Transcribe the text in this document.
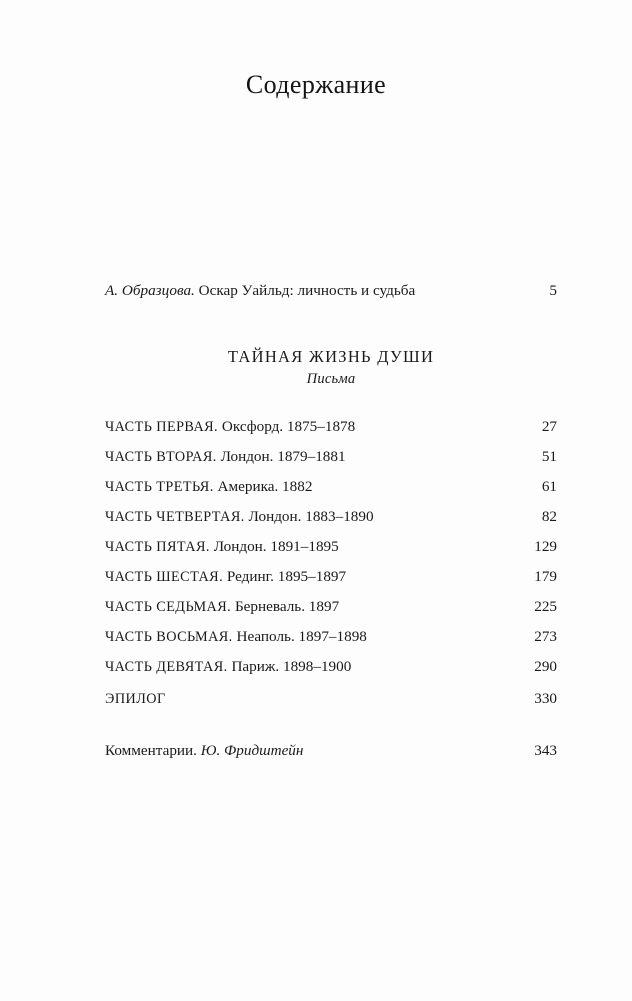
Содержание
А. Образцова. Оскар Уайльд: личность и судьба . . .	5
ТАЙНАЯ ЖИЗНЬ ДУШИ
Письма
ЧАСТЬ ПЕРВАЯ. Оксфорд. 1875–1878 . . .	27
ЧАСТЬ ВТОРАЯ. Лондон. 1879–1881 . . .	51
ЧАСТЬ ТРЕТЬЯ. Америка. 1882 . . .	61
ЧАСТЬ ЧЕТВЕРТАЯ. Лондон. 1883–1890 . . .	82
ЧАСТЬ ПЯТАЯ. Лондон. 1891–1895 . . .	129
ЧАСТЬ ШЕСТАЯ. Рединг. 1895–1897 . . .	179
ЧАСТЬ СЕДЬМАЯ. Берневаль. 1897 . . .	225
ЧАСТЬ ВОСЬМАЯ. Неаполь. 1897–1898 . . .	273
ЧАСТЬ ДЕВЯТАЯ. Париж. 1898–1900 . . .	290
ЭПИЛОГ . . .	330
Комментарии. Ю. Фридштейн . . .	343
